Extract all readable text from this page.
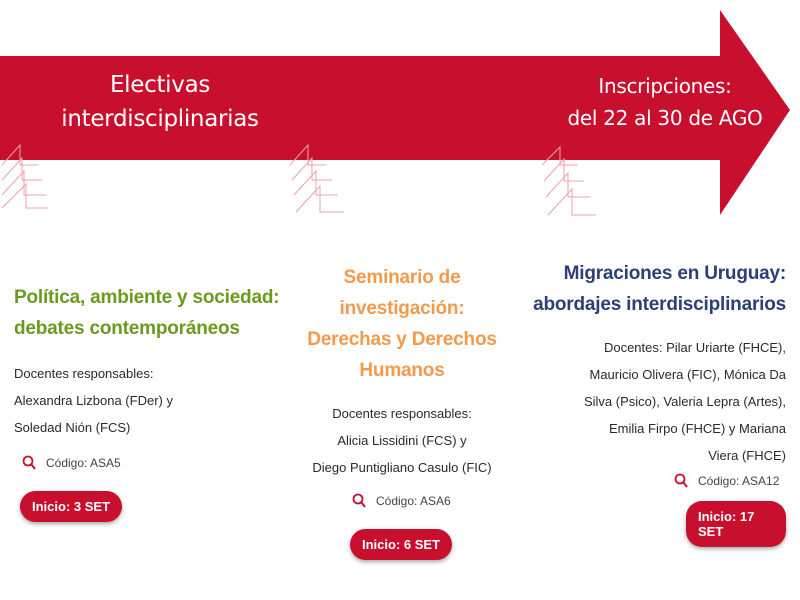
Electivas
interdisciplinarias
Inscripciones:
del 22 al 30 de AGO
Política, ambiente y sociedad:
debates contemporáneos
Docentes responsables:
Alexandra Lizbona (FDer) y
Soledad Nión (FCS)
Código: ASA5
Inicio: 3 SET
Seminario de investigación:
Derechas y Derechos
Humanos
Docentes responsables:
Alicia Lissidini (FCS) y
Diego Puntigliano Casulo (FIC)
Código: ASA6
Inicio: 6 SET
Migraciones en Uruguay:
abordajes interdisciplinarios
Docentes: Pilar Uriarte (FHCE),
Mauricio Olivera (FIC), Mónica Da
Silva (Psico), Valeria Lepra (Artes),
Emilia Firpo (FHCE) y Mariana
Viera (FHCE)
Código: ASA12
Inicio: 17 SET
